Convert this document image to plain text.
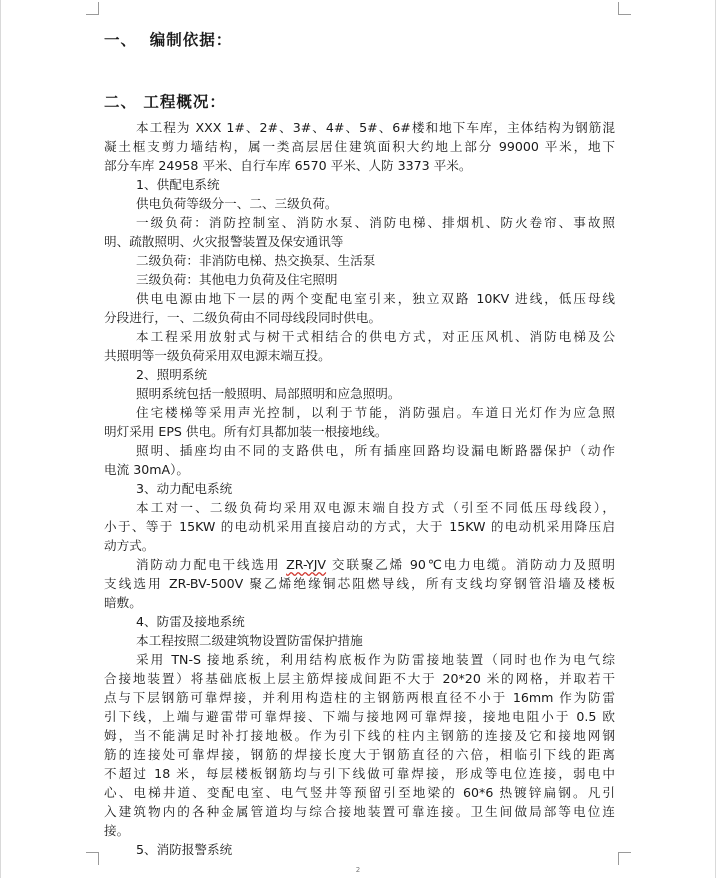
一、  编制依据：
二、 工程概况：
本工程为 XXX 1#、2#、3#、4#、5#、6#楼和地下车库，主体结构为钢筋混
凝土框支剪力墙结构，属一类高层居住建筑面积大约地上部分 99000 平米，地下
部分车库 24958 平米、自行车库 6570 平米、人防 3373 平米。
1、供配电系统
供电负荷等级分一、二、三级负荷。
一级负荷：消防控制室、消防水泵、消防电梯、排烟机、防火卷帘、事故照
明、疏散照明、火灾报警装置及保安通讯等
二级负荷：非消防电梯、热交换泵、生活泵
三级负荷：其他电力负荷及住宅照明
供电电源由地下一层的两个变配电室引来，独立双路 10KV 进线，低压母线
分段进行，一、二级负荷由不同母线段同时供电。
本工程采用放射式与树干式相结合的供电方式，对正压风机、消防电梯及公
共照明等一级负荷采用双电源末端互投。
2、照明系统
照明系统包括一般照明、局部照明和应急照明。
住宅楼梯等采用声光控制，以利于节能，消防强启。车道日光灯作为应急照
明灯采用 EPS 供电。所有灯具都加装一根接地线。
照明、插座均由不同的支路供电，所有插座回路均设漏电断路器保护（动作
电流 30mA）。
3、动力配电系统
本工对一、二级负荷均采用双电源末端自投方式（引至不同低压母线段），
小于、等于 15KW 的电动机采用直接启动的方式，大于 15KW 的电动机采用降压启
动方式。
消防动力配电干线选用 ZR-YJV 交联聚乙烯 90℃电力电缆。消防动力及照明
支线选用 ZR-BV-500V 聚乙烯绝缘铜芯阻燃导线，所有支线均穿钢管沿墙及楼板
暗敷。
4、防雷及接地系统
本工程按照二级建筑物设置防雷保护措施
采用 TN-S 接地系统，利用结构底板作为防雷接地装置（同时也作为电气综
合接地装置）将基础底板上层主筋焊接成间距不大于 20*20 米的网格，并取若干
点与下层钢筋可靠焊接，并利用构造柱的主钢筋两根直径不小于 16mm 作为防雷
引下线，上端与避雷带可靠焊接、下端与接地网可靠焊接，接地电阻小于 0.5 欧
姆，当不能满足时补打接地极。作为引下线的柱内主钢筋的连接及它和接地网钢
筋的连接处可靠焊接，钢筋的焊接长度大于钢筋直径的六倍，相临引下线的距离
不超过 18 米，每层楼板钢筋均与引下线做可靠焊接，形成等电位连接，弱电中
心、电梯井道、变配电室、电气竖井等预留引至地梁的 60*6 热镀锌扁钢。凡引
入建筑物内的各种金属管道均与综合接地装置可靠连接。卫生间做局部等电位连
接。
5、消防报警系统
2
